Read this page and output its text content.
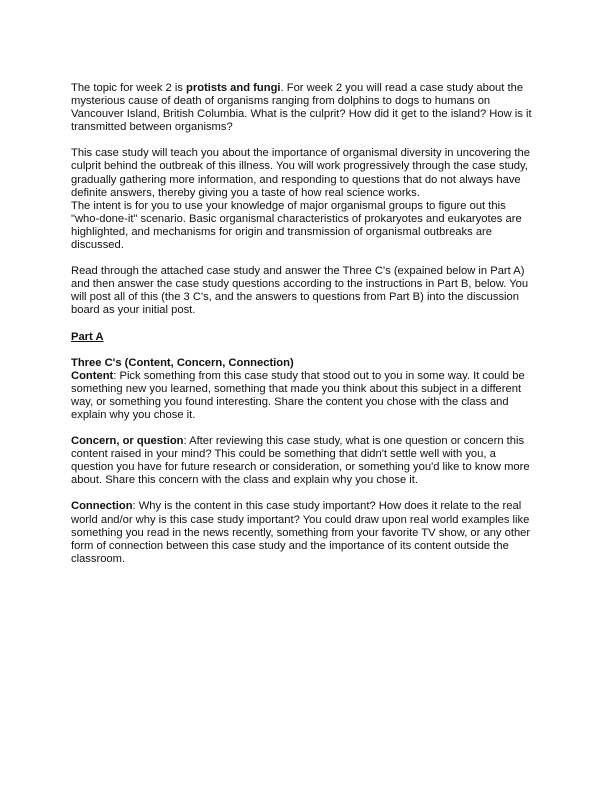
The topic for week 2 is protists and fungi. For week 2 you will read a case study about the mysterious cause of death of organisms ranging from dolphins to dogs to humans on Vancouver Island, British Columbia. What is the culprit? How did it get to the island? How is it transmitted between organisms?

This case study will teach you about the importance of organismal diversity in uncovering the culprit behind the outbreak of this illness. You will work progressively through the case study, gradually gathering more information, and responding to questions that do not always have definite answers, thereby giving you a taste of how real science works.

The intent is for you to use your knowledge of major organismal groups to figure out this "who-done-it" scenario. Basic organismal characteristics of prokaryotes and eukaryotes are highlighted, and mechanisms for origin and transmission of organismal outbreaks are discussed.

Read through the attached case study and answer the Three C's (expained below in Part A) and then answer the case study questions according to the instructions in Part B, below. You will post all of this (the 3 C's, and the answers to questions from Part B) into the discussion board as your initial post.

Part A

Three C's (Content, Concern, Connection)

Content: Pick something from this case study that stood out to you in some way. It could be something new you learned, something that made you think about this subject in a different way, or something you found interesting. Share the content you chose with the class and explain why you chose it.

Concern, or question: After reviewing this case study, what is one question or concern this content raised in your mind? This could be something that didn't settle well with you, a question you have for future research or consideration, or something you'd like to know more about. Share this concern with the class and explain why you chose it.

Connection: Why is the content in this case study important? How does it relate to the real world and/or why is this case study important? You could draw upon real world examples like something you read in the news recently, something from your favorite TV show, or any other form of connection between this case study and the importance of its content outside the classroom.
